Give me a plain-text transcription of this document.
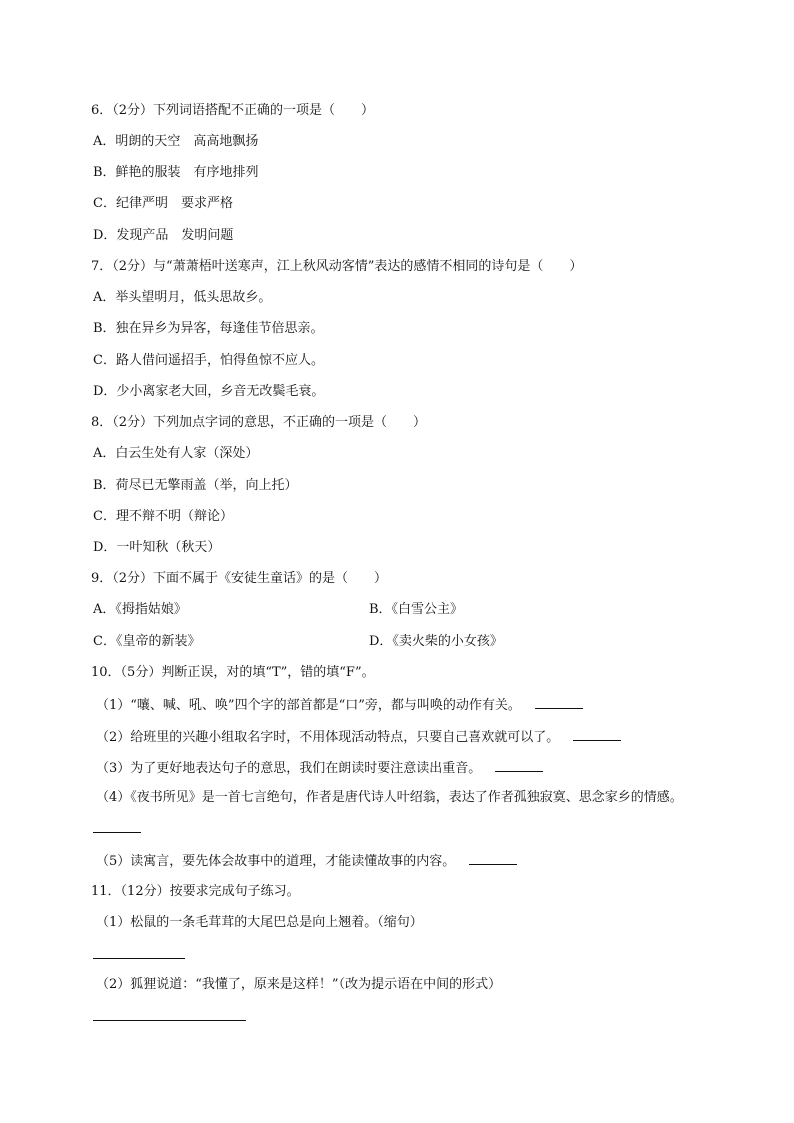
6．（2分）下列词语搭配不正确的一项是（　　）
A．明朗的天空　高高地飘扬
B．鲜艳的服装　有序地排列
C．纪律严明　要求严格
D．发现产品　发明问题
7．（2分）与“萧萧梧叶送寒声，江上秋风动客情”表达的感情不相同的诗句是（　　）
A．举头望明月，低头思故乡。
B．独在异乡为异客，每逢佳节倍思亲。
C．路人借问遥招手，怕得鱼惊不应人。
D．少小离家老大回，乡音无改鬓毛衰。
8．（2分）下列加点字词的意思，不正确的一项是（　　）
A．白云生处有人家（深处）
B．荷尽已无擎雨盖（举，向上托）
C．理不辩不明（辩论）
D．一叶知秋（秋天）
9．（2分）下面不属于《安徒生童话》的是（　　）
A．《拇指姑娘》	B．《白雪公主》
C．《皇帝的新装》	D．《卖火柴的小女孩》
10．（5分）判断正误，对的填“T”，错的填“F”。
（1）“嚷、喊、吼、唤”四个字的部首都是“口”旁，都与叫唤的动作有关。
（2）给班里的兴趣小组取名字时，不用体现活动特点，只要自己喜欢就可以了。
（3）为了更好地表达句子的意思，我们在朗读时要注意读出重音。
（4）《夜书所见》是一首七言绝句，作者是唐代诗人叶绍翁，表达了作者孤独寂寞、思念家乡的情感。
（5）读寓言，要先体会故事中的道理，才能读懂故事的内容。
11．（12分）按要求完成句子练习。
（1）松鼠的一条毛茸茸的大尾巴总是向上翘着。（缩句）
（2）狐狸说道：“我懂了，原来是这样！”（改为提示语在中间的形式）
